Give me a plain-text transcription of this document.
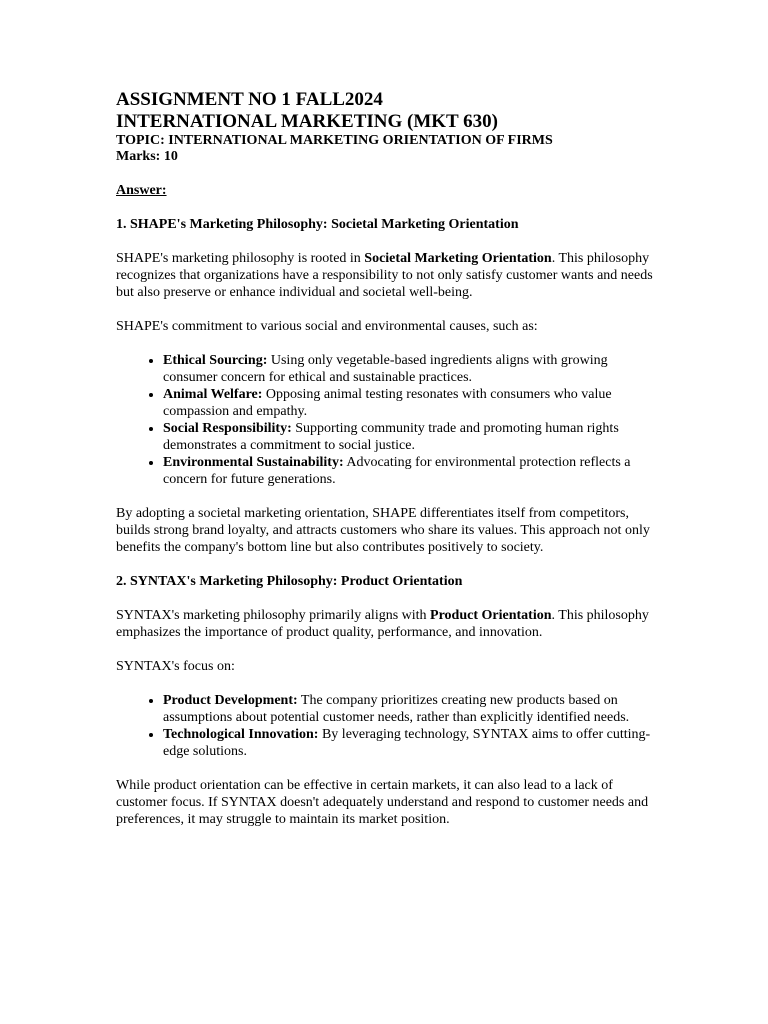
ASSIGNMENT NO 1 FALL2024
INTERNATIONAL MARKETING (MKT 630)
TOPIC: INTERNATIONAL MARKETING ORIENTATION OF FIRMS
Marks: 10
Answer:
1. SHAPE's Marketing Philosophy: Societal Marketing Orientation

SHAPE's marketing philosophy is rooted in Societal Marketing Orientation. This philosophy recognizes that organizations have a responsibility to not only satisfy customer wants and needs but also preserve or enhance individual and societal well-being.

SHAPE's commitment to various social and environmental causes, such as:

• Ethical Sourcing: Using only vegetable-based ingredients aligns with growing consumer concern for ethical and sustainable practices.
• Animal Welfare: Opposing animal testing resonates with consumers who value compassion and empathy.
• Social Responsibility: Supporting community trade and promoting human rights demonstrates a commitment to social justice.
• Environmental Sustainability: Advocating for environmental protection reflects a concern for future generations.

By adopting a societal marketing orientation, SHAPE differentiates itself from competitors, builds strong brand loyalty, and attracts customers who share its values. This approach not only benefits the company's bottom line but also contributes positively to society.

2. SYNTAX's Marketing Philosophy: Product Orientation

SYNTAX's marketing philosophy primarily aligns with Product Orientation. This philosophy emphasizes the importance of product quality, performance, and innovation.

SYNTAX's focus on:

• Product Development: The company prioritizes creating new products based on assumptions about potential customer needs, rather than explicitly identified needs.
• Technological Innovation: By leveraging technology, SYNTAX aims to offer cutting-edge solutions.

While product orientation can be effective in certain markets, it can also lead to a lack of customer focus. If SYNTAX doesn't adequately understand and respond to customer needs and preferences, it may struggle to maintain its market position.
